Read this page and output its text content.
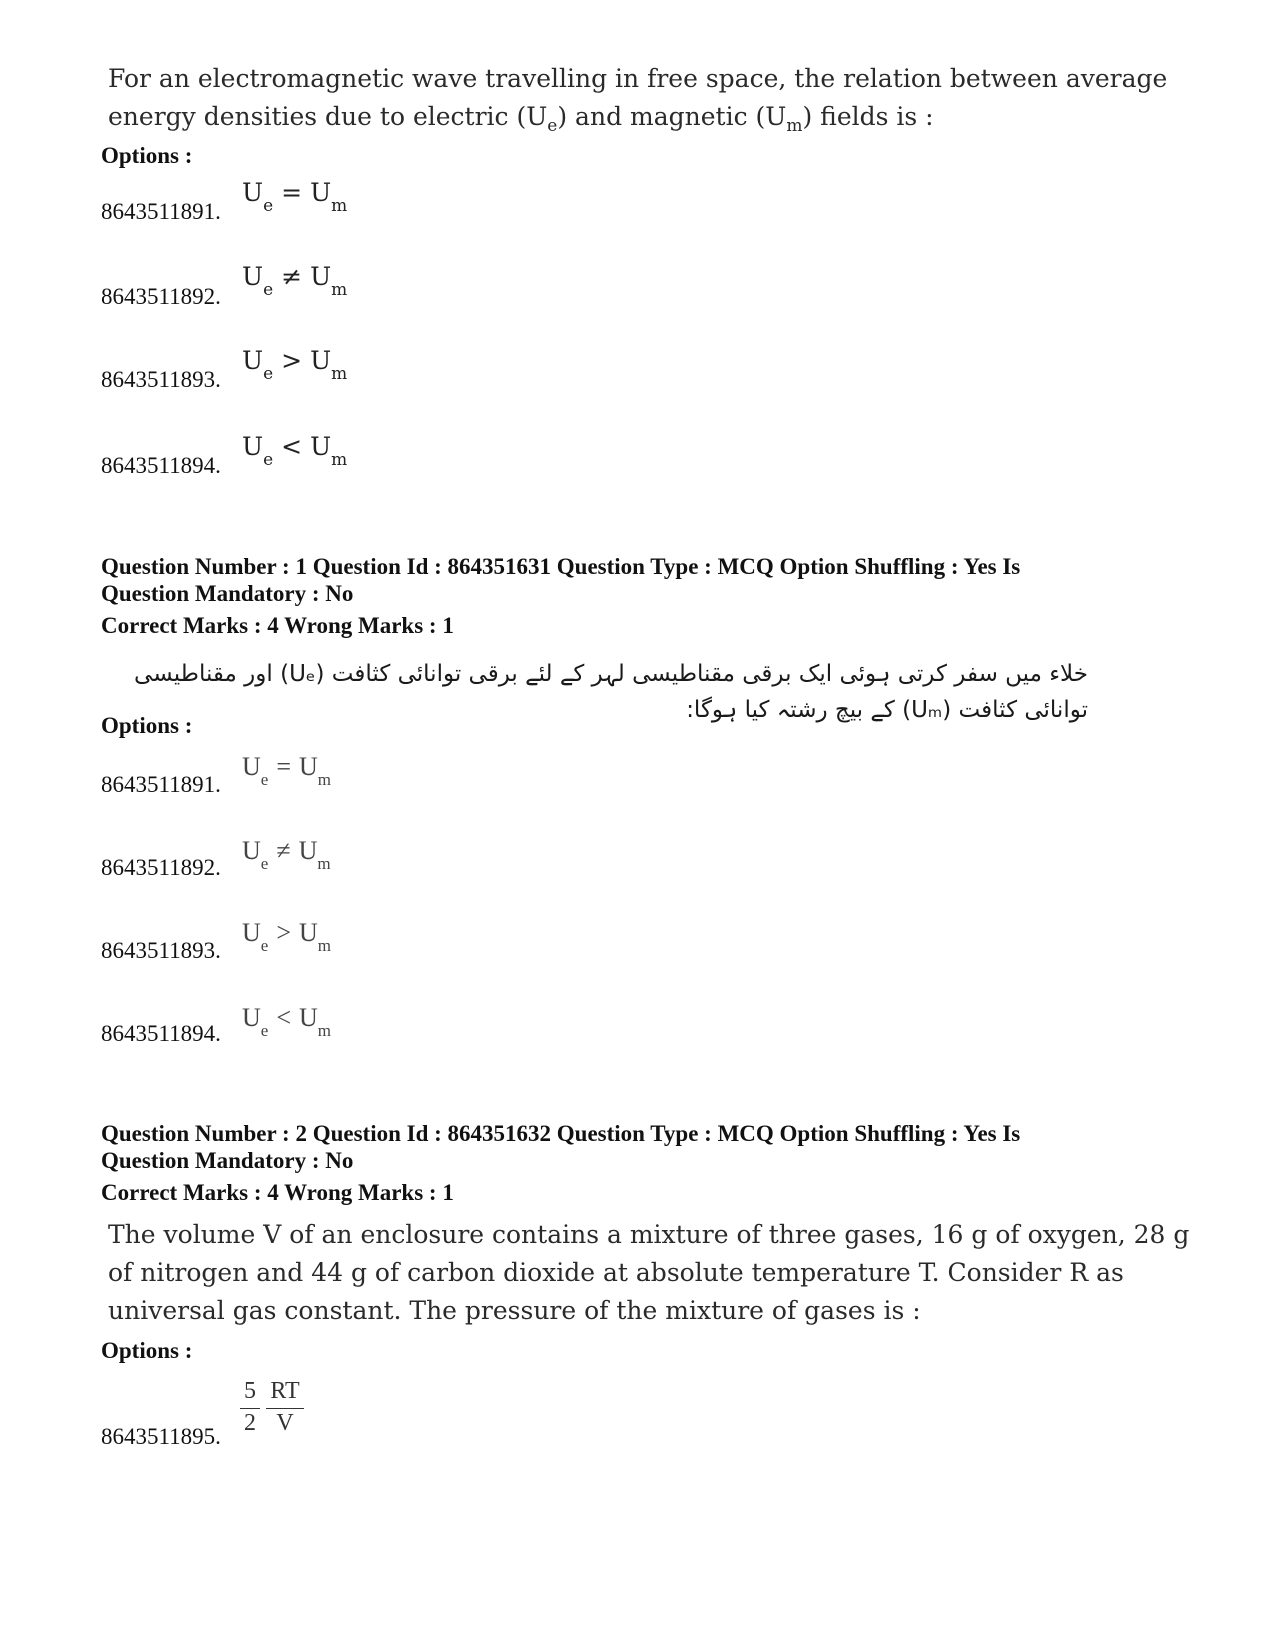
For an electromagnetic wave travelling in free space, the relation between average energy densities due to electric $(U_e)$ and magnetic $(U_m)$ fields is :

Options :

8643511891.
$U_e = U_m$
8643511892.
$U_e \ne U_m$
8643511893.
$U_e > U_m$
8643511894.
$U_e < U_m$

Question Number : 1 Question Id : 864351631 Question Type : MCQ Option Shuffling : Yes Is

Question Mandatory : No

Correct Marks : 4 Wrong Marks : 1

خلاء میں سفر کرتی ہوئی ایک برقی مقناطیسی لہر کے لئے برقی توانائی کثافت (Uₑ) اور مقناطیسی توانائی کثافت (Uₘ) کے بیچ رشتہ کیا ہوگا:

Options :

8643511891.
$U_e = U_m$
8643511892.
$U_e \ne U_m$
8643511893.
$U_e > U_m$
8643511894.
$U_e < U_m$

Question Number : 2 Question Id : 864351632 Question Type : MCQ Option Shuffling : Yes Is

Question Mandatory : No

Correct Marks : 4 Wrong Marks : 1

The volume V of an enclosure contains a mixture of three gases, 16 g of oxygen, 28 g of nitrogen and 44 g of carbon dioxide at absolute temperature T. Consider R as universal gas constant. The pressure of the mixture of gases is :

Options :

8643511895.
5
2
RT
V
